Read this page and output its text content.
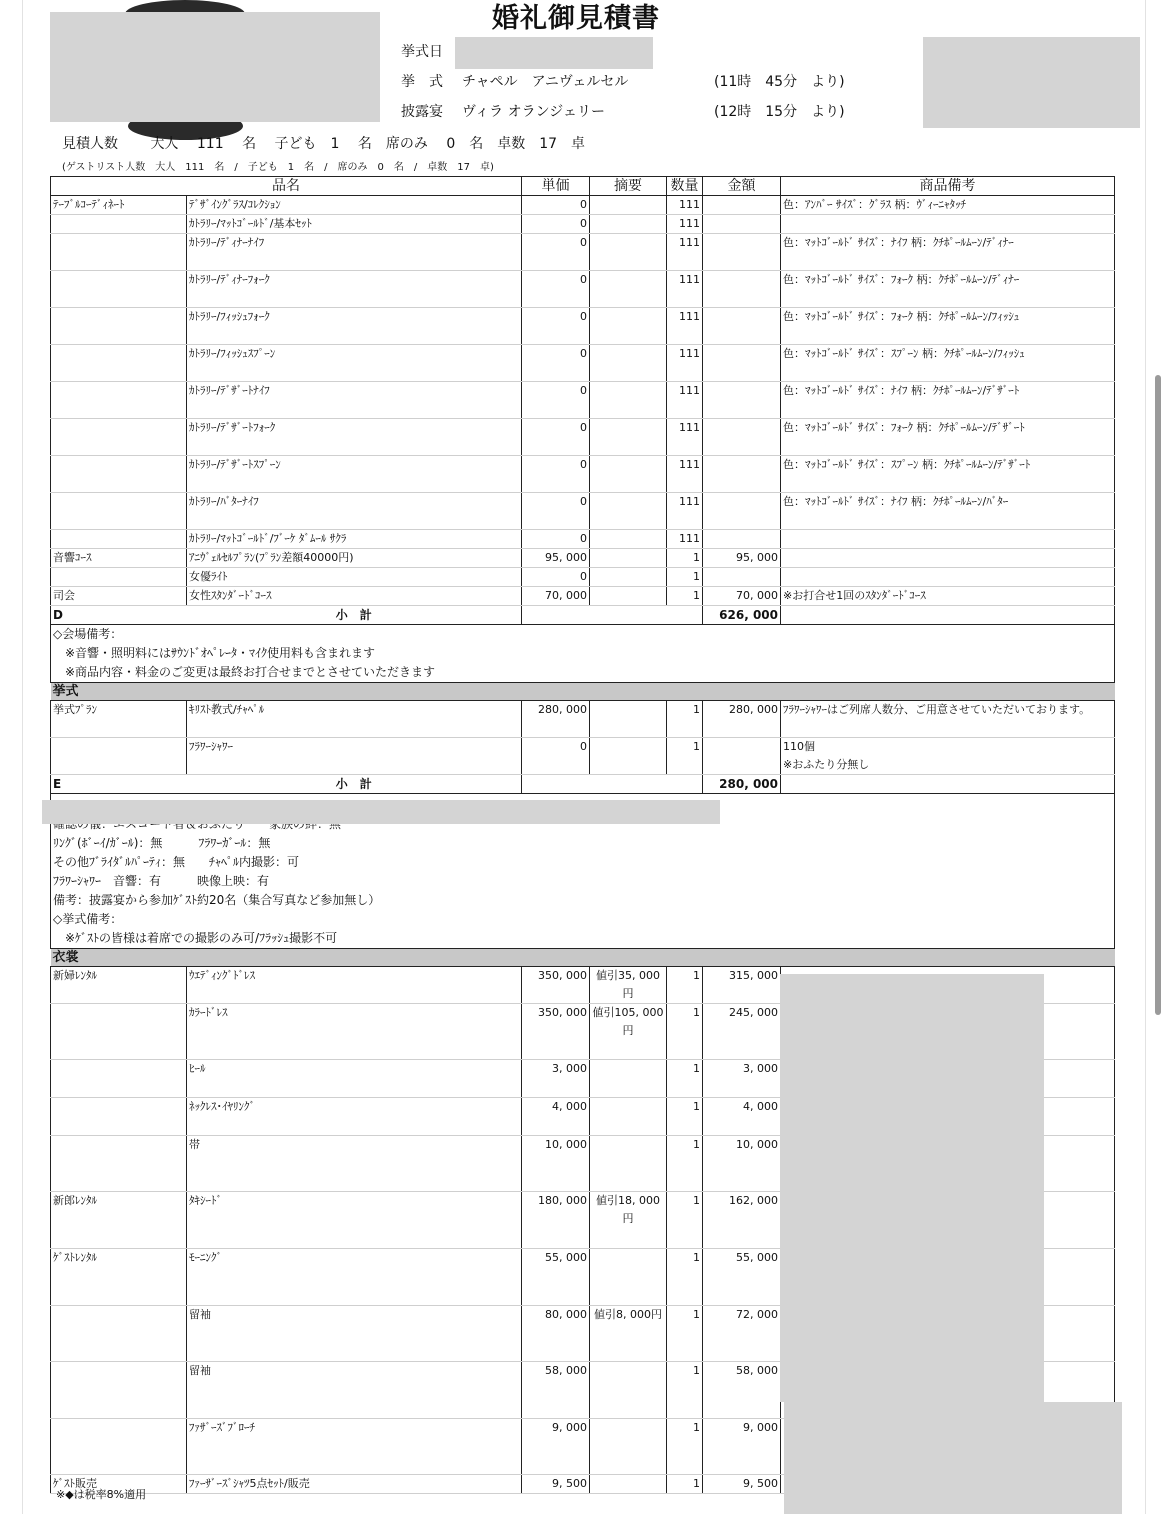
婚礼御見積書
挙式日
挙　式 チャペル　アニヴェルセル	(11時　45分　より)
披露宴 ヴィラ オランジェリー	(12時　15分　より)
見積人数　　 大人　 111　 名　 子ども　1　 名　席のみ　 0　名　卓数　17　卓
(ゲストリスト人数　大人　111　名　/　子ども　1　名　/　席のみ　0　名　/　卓数　17　卓)
品名		単価	摘要	数量	金額	商品備考
ﾃｰﾌﾞﾙｺｰﾃﾞｨﾈｰﾄ	ﾃﾞｻﾞｲﾝｸﾞﾗｽ/ｺﾚｸｼｮﾝ	0		111		色：ｱﾝﾊﾞｰ ｻｲｽﾞ：ｸﾞﾗｽ 柄：ｳﾞｨｰﾆｬﾀｯﾁ
	ｶﾄﾗﾘｰ/ﾏｯﾄｺﾞｰﾙﾄﾞ/基本ｾｯﾄ	0		111		
	ｶﾄﾗﾘｰ/ﾃﾞｨﾅｰﾅｲﾌ	0		111		色：ﾏｯﾄｺﾞｰﾙﾄﾞ ｻｲｽﾞ：ﾅｲﾌ 柄：ｸﾁﾎﾟｰﾙﾑｰﾝ/ﾃﾞｨﾅｰ
	ｶﾄﾗﾘｰ/ﾃﾞｨﾅｰﾌｫｰｸ	0		111		色：ﾏｯﾄｺﾞｰﾙﾄﾞ ｻｲｽﾞ：ﾌｫｰｸ 柄：ｸﾁﾎﾟｰﾙﾑｰﾝ/ﾃﾞｨﾅｰ
	ｶﾄﾗﾘｰ/ﾌｨｯｼｭﾌｫｰｸ	0		111		色：ﾏｯﾄｺﾞｰﾙﾄﾞ ｻｲｽﾞ：ﾌｫｰｸ 柄：ｸﾁﾎﾟｰﾙﾑｰﾝ/ﾌｨｯｼｭ
	ｶﾄﾗﾘｰ/ﾌｨｯｼｭｽﾌﾟｰﾝ	0		111		色：ﾏｯﾄｺﾞｰﾙﾄﾞ ｻｲｽﾞ：ｽﾌﾟｰﾝ 柄：ｸﾁﾎﾟｰﾙﾑｰﾝ/ﾌｨｯｼｭ
	ｶﾄﾗﾘｰ/ﾃﾞｻﾞｰﾄﾅｲﾌ	0		111		色：ﾏｯﾄｺﾞｰﾙﾄﾞ ｻｲｽﾞ：ﾅｲﾌ 柄：ｸﾁﾎﾟｰﾙﾑｰﾝ/ﾃﾞｻﾞｰﾄ
	ｶﾄﾗﾘｰ/ﾃﾞｻﾞｰﾄﾌｫｰｸ	0		111		色：ﾏｯﾄｺﾞｰﾙﾄﾞ ｻｲｽﾞ：ﾌｫｰｸ 柄：ｸﾁﾎﾟｰﾙﾑｰﾝ/ﾃﾞｻﾞｰﾄ
	ｶﾄﾗﾘｰ/ﾃﾞｻﾞｰﾄｽﾌﾟｰﾝ	0		111		色：ﾏｯﾄｺﾞｰﾙﾄﾞ ｻｲｽﾞ：ｽﾌﾟｰﾝ 柄：ｸﾁﾎﾟｰﾙﾑｰﾝ/ﾃﾞｻﾞｰﾄ
	ｶﾄﾗﾘｰ/ﾊﾞﾀｰﾅｲﾌ	0		111		色：ﾏｯﾄｺﾞｰﾙﾄﾞ ｻｲｽﾞ：ﾅｲﾌ 柄：ｸﾁﾎﾟｰﾙﾑｰﾝ/ﾊﾞﾀｰ
	ｶﾄﾗﾘｰ/ﾏｯﾄｺﾞｰﾙﾄﾞ/ﾌﾞｰｹ ﾀﾞﾑｰﾙ ｻｸﾗ	0		111		
音響ｺｰｽ	ｱﾆｳﾞｪﾙｾﾙﾌﾟﾗﾝ(ﾌﾟﾗﾝ差額40000円)	95, 000		1	95, 000	
	女優ﾗｲﾄ	0		1		
司会	女性ｽﾀﾝﾀﾞｰﾄﾞｺｰｽ	70, 000		1	70, 000	※お打合せ1回のｽﾀﾝﾀﾞｰﾄﾞｺｰｽ
D	小　計				626, 000	
◇会場備考：						
　※音響・照明料にはｻｳﾝﾄﾞｵﾍﾟﾚｰﾀ・ﾏｲｸ使用料も含まれます						
　※商品内容・料金のご変更は最終お打合せまでとさせていただきます						
挙式						
挙式ﾌﾟﾗﾝ	ｷﾘｽﾄ教式/ﾁｬﾍﾟﾙ	280, 000		1	280, 000	ﾌﾗﾜｰｼｬﾜｰはご列席人数分、ご用意させていただいております。
	ﾌﾗﾜｰｼｬﾜｰ	0		1		110個
※おふたり分無し
E	小　計				280, 000	

ﾘﾝｸﾞ(ﾎﾞｰｲ/ｶﾞｰﾙ)：無　　　ﾌﾗﾜｰｶﾞｰﾙ：無						
その他ﾌﾞﾗｲﾀﾞﾙﾊﾟｰﾃｨ：無　　ﾁｬﾍﾟﾙ内撮影：可						
ﾌﾗﾜｰｼｬﾜｰ　音響：有　　　映像上映：有						
備考：披露宴から参加ｹﾞｽﾄ約20名（集合写真など参加無し）						
◇挙式備考：						
　※ｹﾞｽﾄの皆様は着席での撮影のみ可/ﾌﾗｯｼｭ撮影不可						
衣裳						
新婦ﾚﾝﾀﾙ	ｳｴﾃﾞｨﾝｸﾞﾄﾞﾚｽ	350, 000	値引35, 000円	1	315, 000	
	ｶﾗｰﾄﾞﾚｽ	350, 000	値引105, 000円	1	245, 000	
	ﾋｰﾙ	3, 000		1	3, 000	
	ﾈｯｸﾚｽ･ｲﾔﾘﾝｸﾞ	4, 000		1	4, 000	
	帯	10, 000		1	10, 000	
新郎ﾚﾝﾀﾙ	ﾀｷｼｰﾄﾞ	180, 000	値引18, 000円	1	162, 000	
ｹﾞｽﾄﾚﾝﾀﾙ	ﾓｰﾆﾝｸﾞ	55, 000		1	55, 000	
	留袖	80, 000	値引8, 000円	1	72, 000	
	留袖	58, 000		1	58, 000	
	ﾌｧｻﾞｰｽﾞﾌﾞﾛｰﾁ	9, 000		1	9, 000	
ｹﾞｽﾄ販売	ﾌｧｰｻﾞｰｽﾞｼｬﾂ5点ｾｯﾄ/販売	9, 500		1	9, 500	
※◆は税率8%適用
